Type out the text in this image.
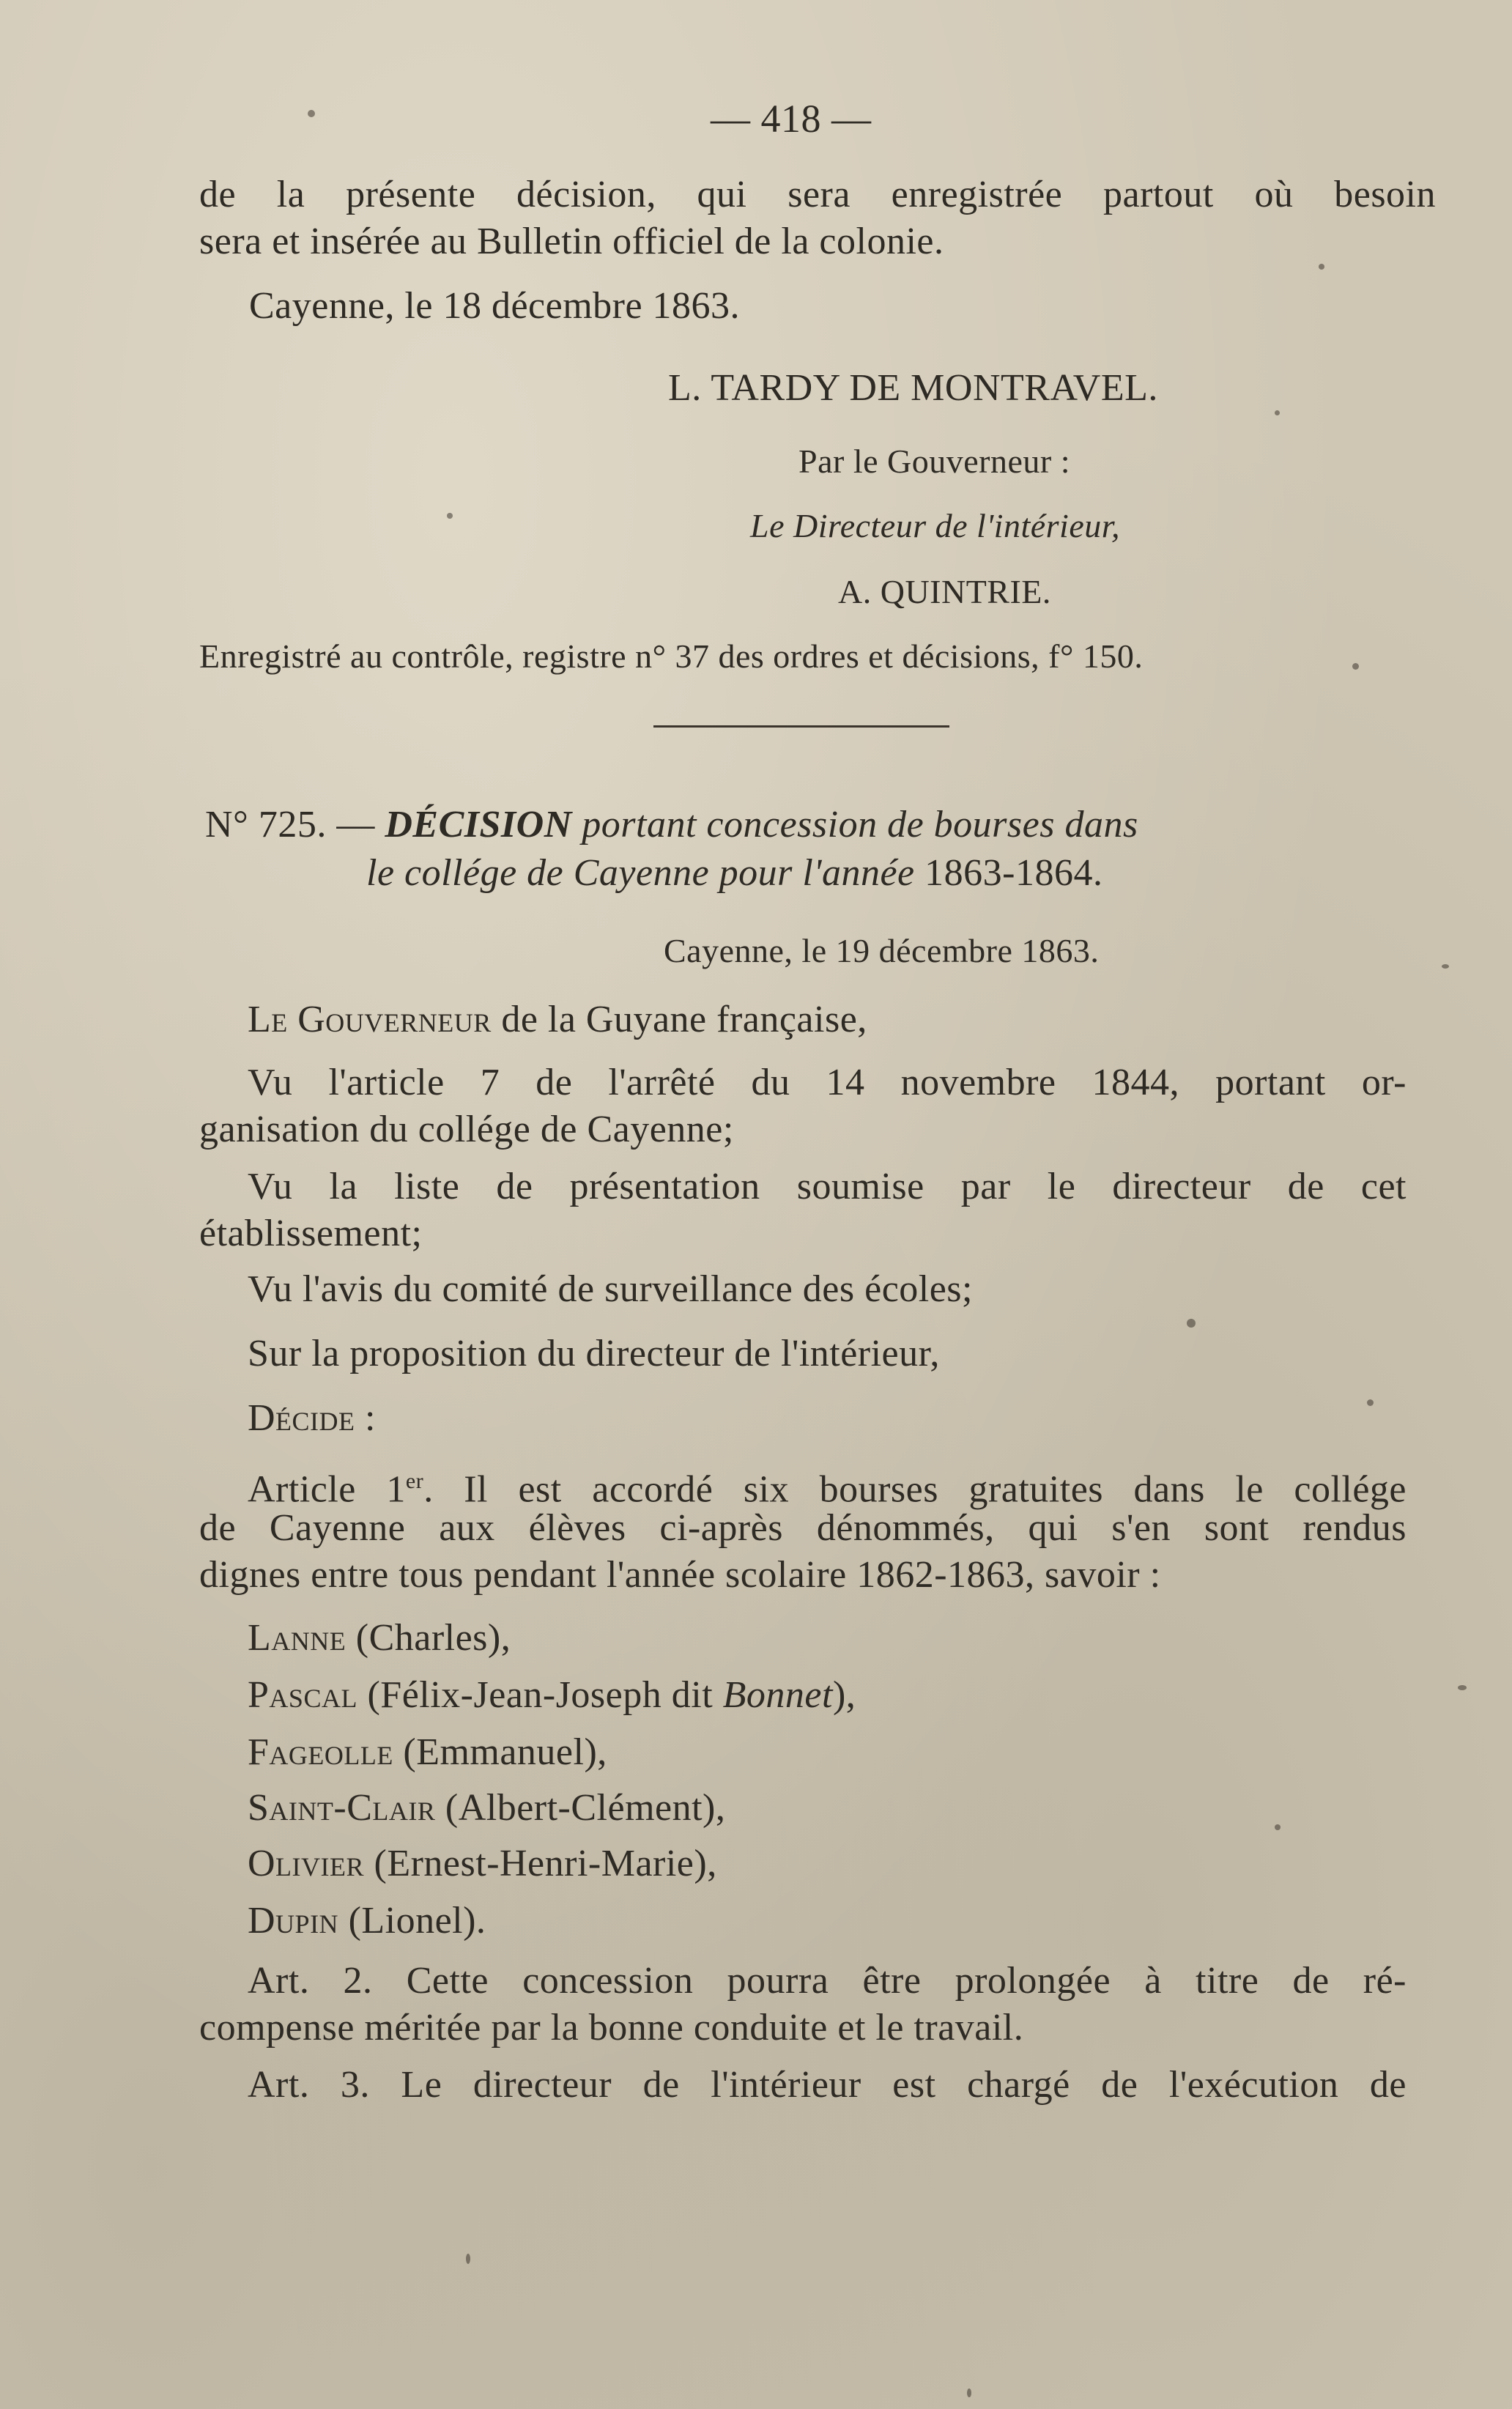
— 418 —
de la présente décision, qui sera enregistrée partout où besoin
sera et insérée au Bulletin officiel de la colonie.
Cayenne, le 18 décembre 1863.
L. TARDY DE MONTRAVEL.
Par le Gouverneur :
Le Directeur de l'intérieur,
A. QUINTRIE.
Enregistré au contrôle, registre n° 37 des ordres et décisions, f° 150.
N° 725. — DÉCISION portant concession de bourses dans
le collége de Cayenne pour l'année 1863-1864.
Cayenne, le 19 décembre 1863.
Le Gouverneur de la Guyane française,
Vu l'article 7 de l'arrêté du 14 novembre 1844, portant or-
ganisation du collége de Cayenne;
Vu la liste de présentation soumise par le directeur de cet
établissement;
Vu l'avis du comité de surveillance des écoles;
Sur la proposition du directeur de l'intérieur,
Décide :
Article 1er. Il est accordé six bourses gratuites dans le collége
de Cayenne aux élèves ci-après dénommés, qui s'en sont rendus
dignes entre tous pendant l'année scolaire 1862-1863, savoir :
Lanne (Charles),
Pascal (Félix-Jean-Joseph dit Bonnet),
Fageolle (Emmanuel),
Saint-Clair (Albert-Clément),
Olivier (Ernest-Henri-Marie),
Dupin (Lionel).
Art. 2. Cette concession pourra être prolongée à titre de ré-
compense méritée par la bonne conduite et le travail.
Art. 3. Le directeur de l'intérieur est chargé de l'exécution de
